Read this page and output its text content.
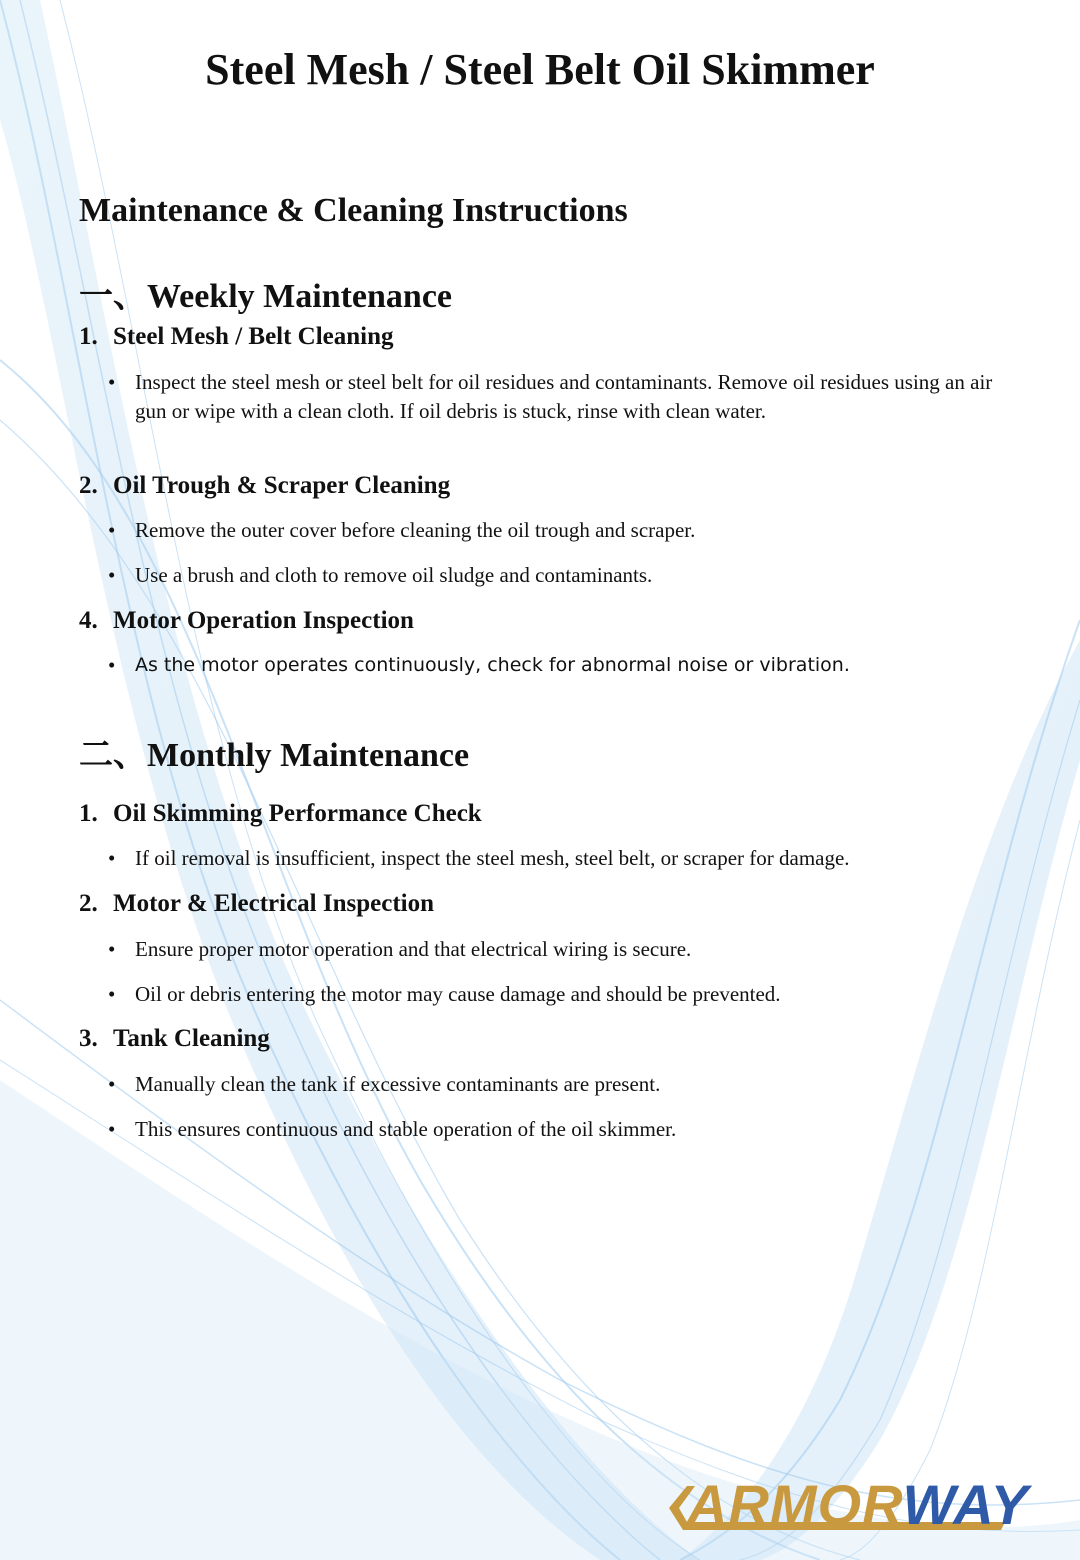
Steel Mesh / Steel Belt Oil Skimmer
Maintenance & Cleaning Instructions
一、Weekly Maintenance
1. Steel Mesh / Belt Cleaning

• Inspect the steel mesh or steel belt for oil residues and contaminants. Remove oil residues using an air gun or wipe with a clean cloth. If oil debris is stuck, rinse with clean water.

2. Oil Trough & Scraper Cleaning

• Remove the outer cover before cleaning the oil trough and scraper.

• Use a brush and cloth to remove oil sludge and contaminants.

4. Motor Operation Inspection

• As the motor operates continuously, check for abnormal noise or vibration.

二、Monthly Maintenance
1. Oil Skimming Performance Check

• If oil removal is insufficient, inspect the steel mesh, steel belt, or scraper for damage.

2. Motor & Electrical Inspection

• Ensure proper motor operation and that electrical wiring is secure.

• Oil or debris entering the motor may cause damage and should be prevented.

3. Tank Cleaning

• Manually clean the tank if excessive contaminants are present.

• This ensures continuous and stable operation of the oil skimmer.

ARMORWAY
